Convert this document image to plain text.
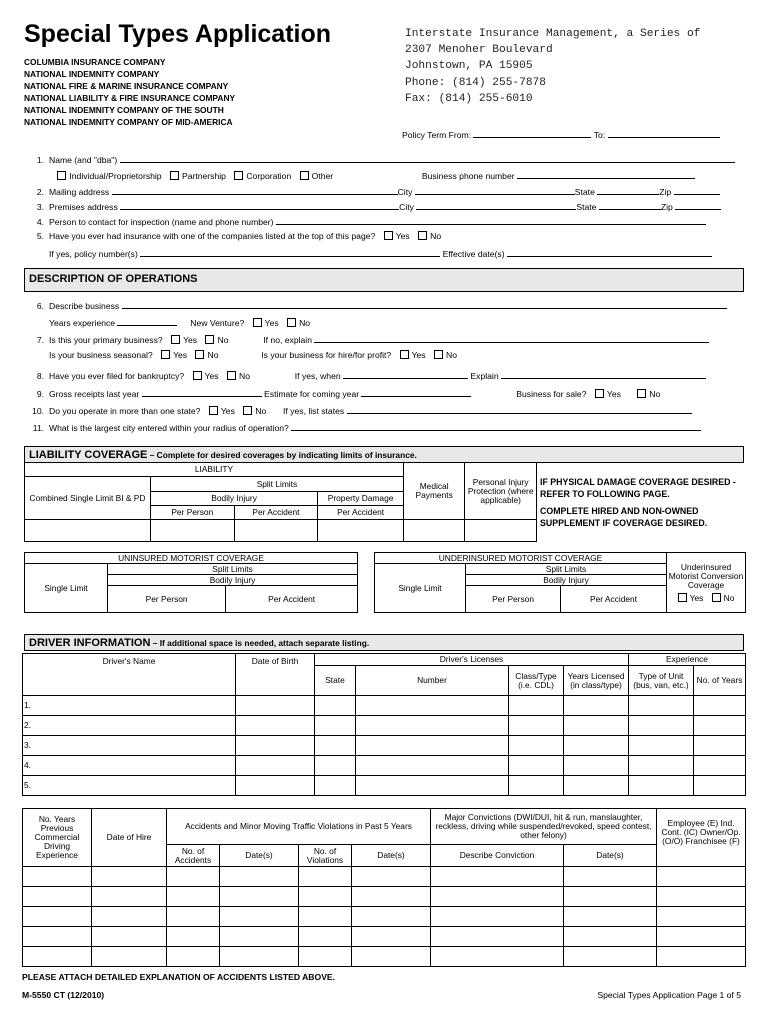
Special Types Application
COLUMBIA INSURANCE COMPANY
NATIONAL INDEMNITY COMPANY
NATIONAL FIRE & MARINE INSURANCE COMPANY
NATIONAL LIABILITY & FIRE INSURANCE COMPANY
NATIONAL INDEMNITY COMPANY OF THE SOUTH
NATIONAL INDEMNITY COMPANY OF MID-AMERICA
Interstate Insurance Management, a Series of
2307 Menoher Boulevard
Johnstown, PA 15905
Phone: (814) 255-7878
Fax: (814) 255-6010
Policy Term From:	To:
1. Name (and "dba")
Individual/Proprietorship Partnership Corporation Other	Business phone number
2. Mailing address	City	State	Zip
3. Premises address	City	State	Zip
4. Person to contact for inspection (name and phone number)
5. Have you ever had insurance with one of the companies listed at the top of this page? Yes No
If yes, policy number(s)	Effective date(s)
DESCRIPTION OF OPERATIONS
6. Describe business
Years experience	New Venture? Yes No
7. Is this your primary business? Yes No	If no, explain
Is your business seasonal? Yes No	Is your business for hire/for profit? Yes No
8. Have you ever filed for bankruptcy? Yes No	If yes, when	Explain
9. Gross receipts last year	Estimate for coming year	Business for sale? Yes	No
10. Do you operate in more than one state? Yes No If yes, list states
11. What is the largest city entered within your radius of operation?
LIABILITY COVERAGE – Complete for desired coverages by indicating limits of insurance.
LIABILITY				Medical Payments	Personal Injury Protection (where applicable)
Combined Single Limit BI & PD	Split Limits				
	Bodily Injury		Property Damage		
	Per Person	Per Accident	Per Accident		

IF PHYSICAL DAMAGE COVERAGE DESIRED - REFER TO FOLLOWING PAGE.
COMPLETE HIRED AND NON-OWNED SUPPLEMENT IF COVERAGE DESIRED.
UNINSURED MOTORIST COVERAGE		
Single Limit	Split Limits	
	Bodily Injury	
	Per Person	Per Accident
UNDERINSURED MOTORIST COVERAGE			Underinsured Motorist Conversion Coverage
Yes No

Single Limit	Split Limits		
	Bodily Injury		
	Per Person	Per Accident	
DRIVER INFORMATION – If additional space is needed, attach separate listing.
Driver's Name	Date of Birth	Driver's Licenses				Experience	
		State	Number	Class/Type (i.e. CDL)	Years Licensed (in class/type)	Type of Unit (bus, van, etc.)	No. of Years
1.							
2.							
3.							
4.							
5.							
No. Years Previous Commercial Driving Experience	Date of Hire	Accidents and Minor Moving Traffic Violations in Past 5 Years				Major Convictions (DWI/DUI, hit & run, manslaughter, reckless, driving while suspended/revoked, speed contest, other felony)		Employee (E) Ind. Cont. (IC) Owner/Op. (O/O) Franchisee (F)
		No. of Accidents	Date(s)	No. of Violations	Date(s)	Describe Conviction	Date(s)	

PLEASE ATTACH DETAILED EXPLANATION OF ACCIDENTS LISTED ABOVE.
M-5550 CT (12/2010)	Special Types Application Page 1 of 5
